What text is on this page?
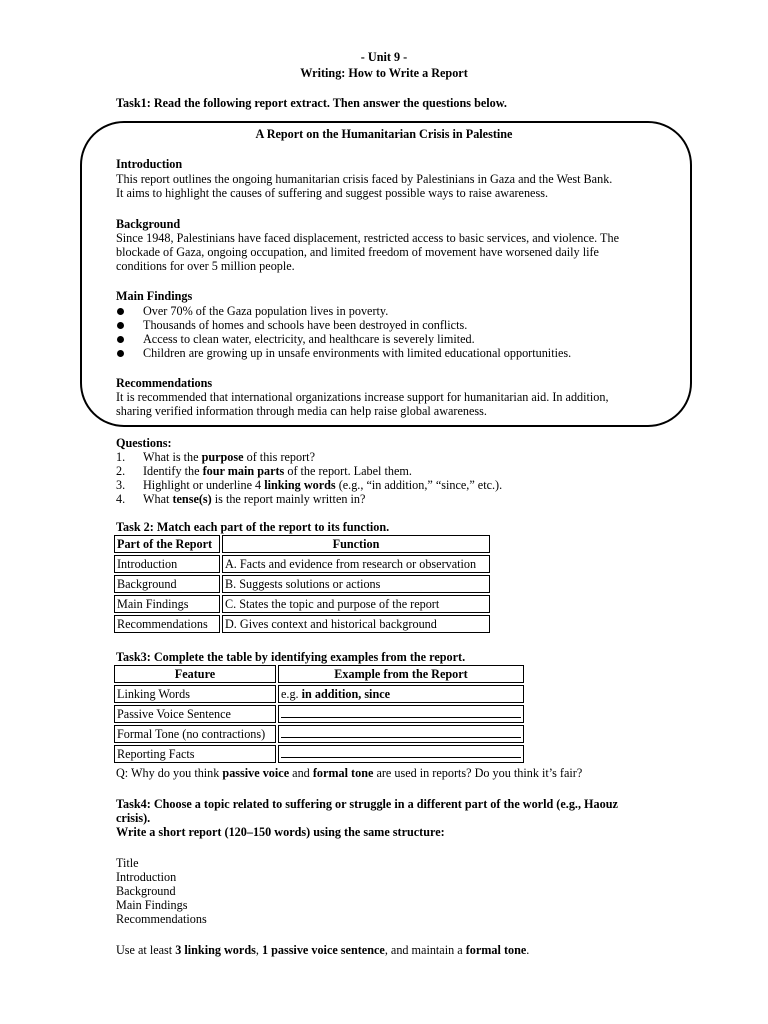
- Unit 9 -
Writing: How to Write a Report
Task1: Read the following report extract. Then answer the questions below.
A Report on the Humanitarian Crisis in Palestine
Introduction
This report outlines the ongoing humanitarian crisis faced by Palestinians in Gaza and the West Bank.
It aims to highlight the causes of suffering and suggest possible ways to raise awareness.
Background
Since 1948, Palestinians have faced displacement, restricted access to basic services, and violence. The
blockade of Gaza, ongoing occupation, and limited freedom of movement have worsened daily life
conditions for over 5 million people.
Main Findings
Over 70% of the Gaza population lives in poverty.
Thousands of homes and schools have been destroyed in conflicts.
Access to clean water, electricity, and healthcare is severely limited.
Children are growing up in unsafe environments with limited educational opportunities.
Recommendations
It is recommended that international organizations increase support for humanitarian aid. In addition,
sharing verified information through media can help raise global awareness.
Questions:
1. What is the purpose of this report?
2. Identify the four main parts of the report. Label them.
3. Highlight or underline 4 linking words (e.g., “in addition,” “since,” etc.).
4. What tense(s) is the report mainly written in?
Task 2: Match each part of the report to its function.
Part of the Report	Function
Introduction	A. Facts and evidence from research or observation
Background	B. Suggests solutions or actions
Main Findings	C. States the topic and purpose of the report
Recommendations	D. Gives context and historical background
Task3: Complete the table by identifying examples from the report.
Feature	Example from the Report
Linking Words	e.g. in addition, since
Passive Voice Sentence	
Formal Tone (no contractions)	
Reporting Facts	
Q: Why do you think passive voice and formal tone are used in reports? Do you think it’s fair?
Task4: Choose a topic related to suffering or struggle in a different part of the world (e.g., Haouz
crisis).
Write a short report (120–150 words) using the same structure:
Title
Introduction
Background
Main Findings
Recommendations
Use at least 3 linking words, 1 passive voice sentence, and maintain a formal tone.
